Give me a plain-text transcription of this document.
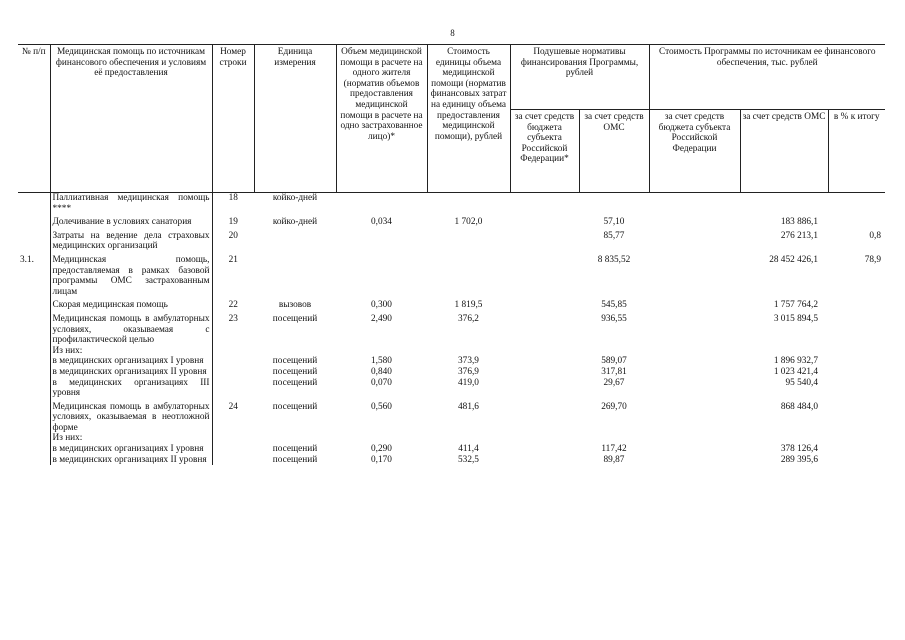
8
№ п/п	Медицинская помощь по источникам финансового обеспечения и условиям её предоставления	Номер строки	Единица измерения	Объем медицинской помощи в расчете на одного жителя (норматив объемов предоставления медицинской помощи в расчете на одно застрахованное лицо)*	Стоимость единицы объема медицинской помощи (норматив финансовых затрат на единицу объема предоставления медицинской помощи), рублей	Подушевые нормативы финансирования Программы, рублей		Стоимость Программы по источникам ее финансового обеспечения, тыс. рублей		
						за счет средств бюджета субъекта Российской Федерации*	за счет средств ОМС	за счет средств бюджета субъекта Российской Федерации	за счет средств ОМС	в % к итогу
	Паллиативная медицинская помощь ****	18	койко-дней							
	Долечивание в условиях санатория	19	койко-дней	0,034	1 702,0		57,10		183 886,1	
	Затраты на ведение дела страховых медицинских организаций	20					85,77		276 213,1	0,8
3.1.	Медицинская помощь, предоставляемая в рамках базовой программы ОМС застрахованным лицам	21					8 835,52		28 452 426,1	78,9
	Скорая медицинская помощь	22	вызовов	0,300	1 819,5		545,85		1 757 764,2	
	Медицинская помощь в амбулаторных условиях, оказываемая с профилактической целью	23	посещений	2,490	376,2		936,55		3 015 894,5	
	Из них:									
	в медицинских организациях I уровня		посещений	1,580	373,9		589,07		1 896 932,7	
	в медицинских организациях II уровня		посещений	0,840	376,9		317,81		1 023 421,4	
	в медицинских организациях III уровня		посещений	0,070	419,0		29,67		95 540,4	
	Медицинская помощь в амбулаторных условиях, оказываемая в неотложной форме	24	посещений	0,560	481,6		269,70		868 484,0	
	Из них:									
	в медицинских организациях I уровня		посещений	0,290	411,4		117,42		378 126,4	
	в медицинских организациях II уровня		посещений	0,170	532,5		89,87		289 395,6	
